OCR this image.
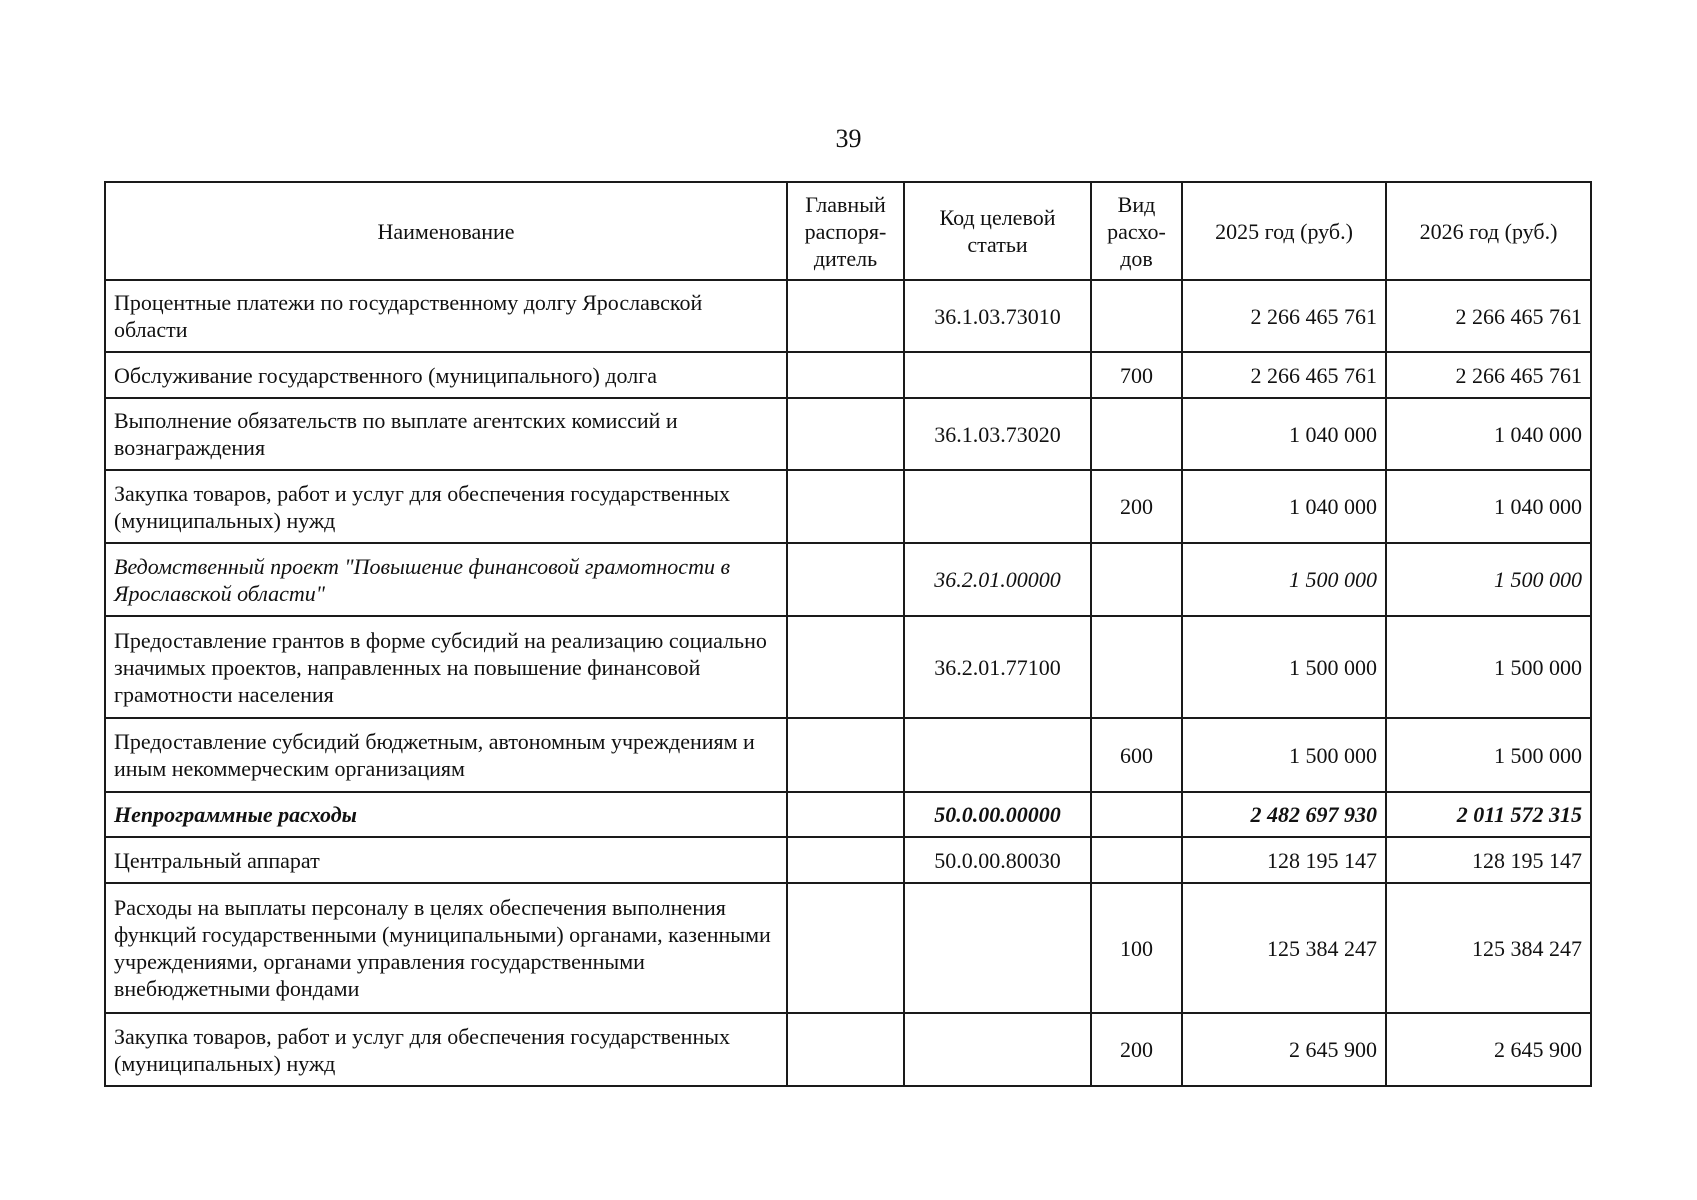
39
Наименование	Главный распоря-дитель	Код целевой статьи	Вид расхо-дов	2025 год (руб.)	2026 год (руб.)
Процентные платежи по государственному долгу Ярославской области		36.1.03.73010		2 266 465 761	2 266 465 761
Обслуживание государственного (муниципального) долга			700	2 266 465 761	2 266 465 761
Выполнение обязательств по выплате агентских комиссий и вознаграждения		36.1.03.73020		1 040 000	1 040 000
Закупка товаров, работ и услуг для обеспечения государственных (муниципальных) нужд			200	1 040 000	1 040 000
Ведомственный проект "Повышение финансовой грамотности в Ярославской области"		36.2.01.00000		1 500 000	1 500 000
Предоставление грантов в форме субсидий на реализацию социально значимых проектов, направленных на повышение финансовой грамотности населения		36.2.01.77100		1 500 000	1 500 000
Предоставление субсидий бюджетным, автономным учреждениям и иным некоммерческим организациям			600	1 500 000	1 500 000
Непрограммные расходы		50.0.00.00000		2 482 697 930	2 011 572 315
Центральный аппарат		50.0.00.80030		128 195 147	128 195 147
Расходы на выплаты персоналу в целях обеспечения выполнения функций государственными (муниципальными) органами, казенными учреждениями, органами управления государственными внебюджетными фондами			100	125 384 247	125 384 247
Закупка товаров, работ и услуг для обеспечения государственных (муниципальных) нужд			200	2 645 900	2 645 900
